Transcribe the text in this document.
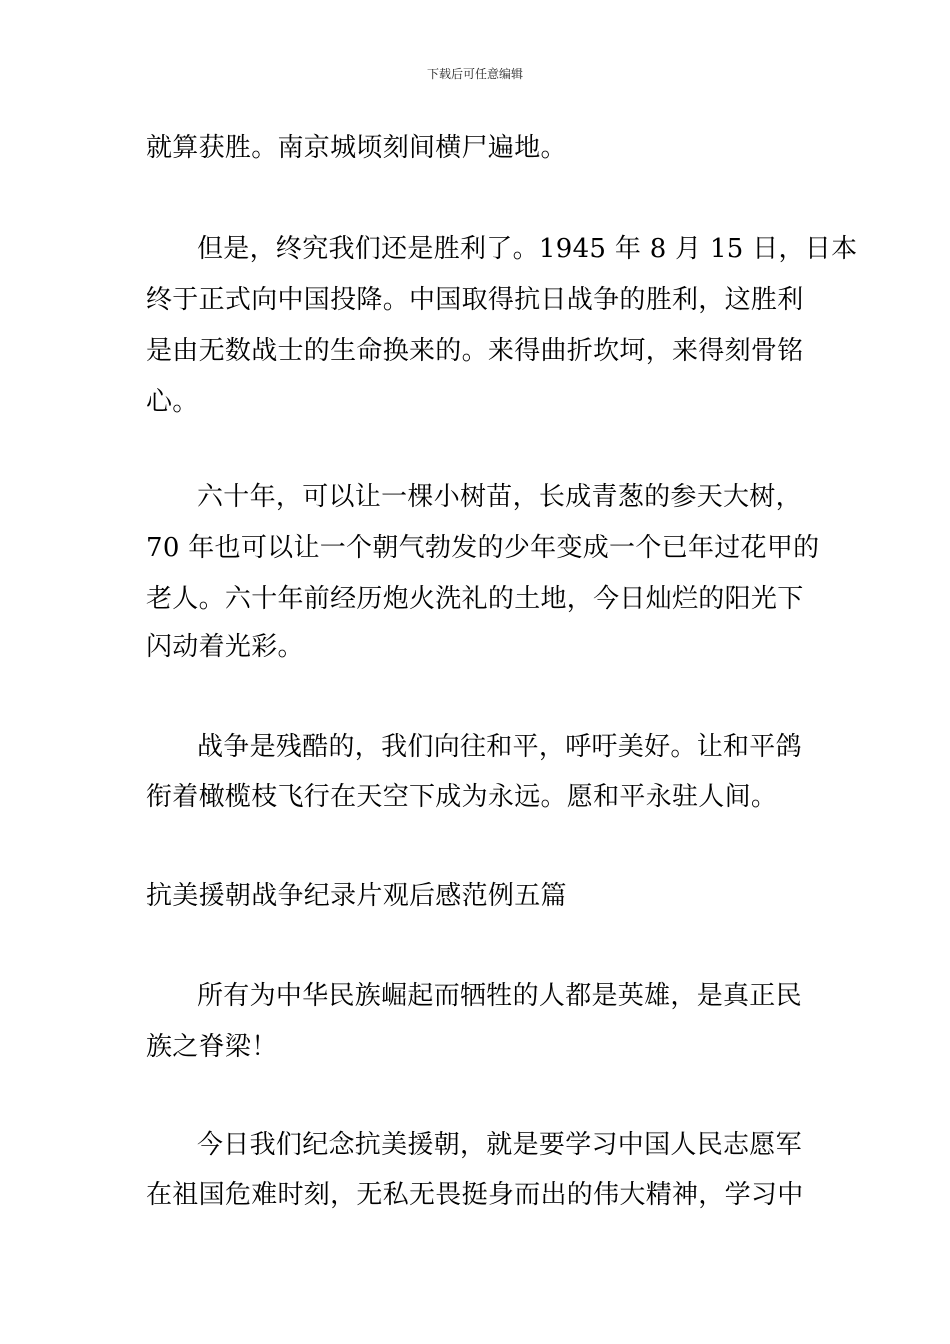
下载后可任意编辑
就算获胜。南京城顷刻间横尸遍地。
但是，终究我们还是胜利了。1945 年 8 月 15 日，日本
终于正式向中国投降。中国取得抗日战争的胜利，这胜利
是由无数战士的生命换来的。来得曲折坎坷，来得刻骨铭
心。
六十年，可以让一棵小树苗，长成青葱的参天大树，
70 年也可以让一个朝气勃发的少年变成一个已年过花甲的
老人。六十年前经历炮火洗礼的土地，今日灿烂的阳光下
闪动着光彩。
战争是残酷的，我们向往和平，呼吁美好。让和平鸽
衔着橄榄枝飞行在天空下成为永远。愿和平永驻人间。
抗美援朝战争纪录片观后感范例五篇
所有为中华民族崛起而牺牲的人都是英雄，是真正民
族之脊梁！
今日我们纪念抗美援朝，就是要学习中国人民志愿军
在祖国危难时刻，无私无畏挺身而出的伟大精神，学习中
